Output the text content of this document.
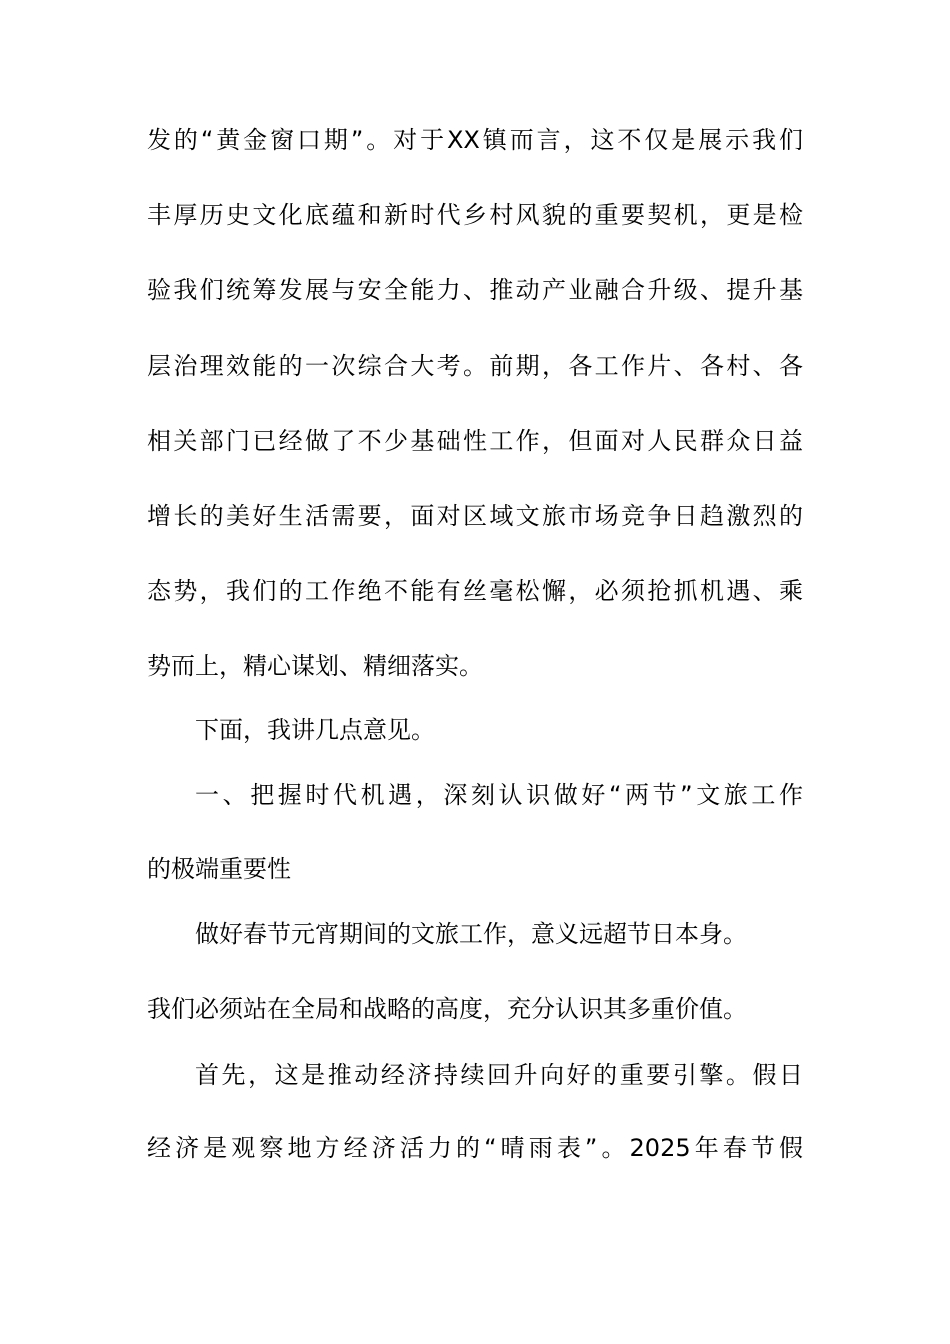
发的“黄金窗口期”。对于XX镇而言，这不仅是展示我们
丰厚历史文化底蕴和新时代乡村风貌的重要契机，更是检
验我们统筹发展与安全能力、推动产业融合升级、提升基
层治理效能的一次综合大考。前期，各工作片、各村、各
相关部门已经做了不少基础性工作，但面对人民群众日益
增长的美好生活需要，面对区域文旅市场竞争日趋激烈的
态势，我们的工作绝不能有丝毫松懈，必须抢抓机遇、乘
势而上，精心谋划、精细落实。
下面，我讲几点意见。
一、把握时代机遇，深刻认识做好“两节”文旅工作
的极端重要性
做好春节元宵期间的文旅工作，意义远超节日本身。
我们必须站在全局和战略的高度，充分认识其多重价值。
首先，这是推动经济持续回升向好的重要引擎。假日
经济是观察地方经济活力的“晴雨表”。2025年春节假
